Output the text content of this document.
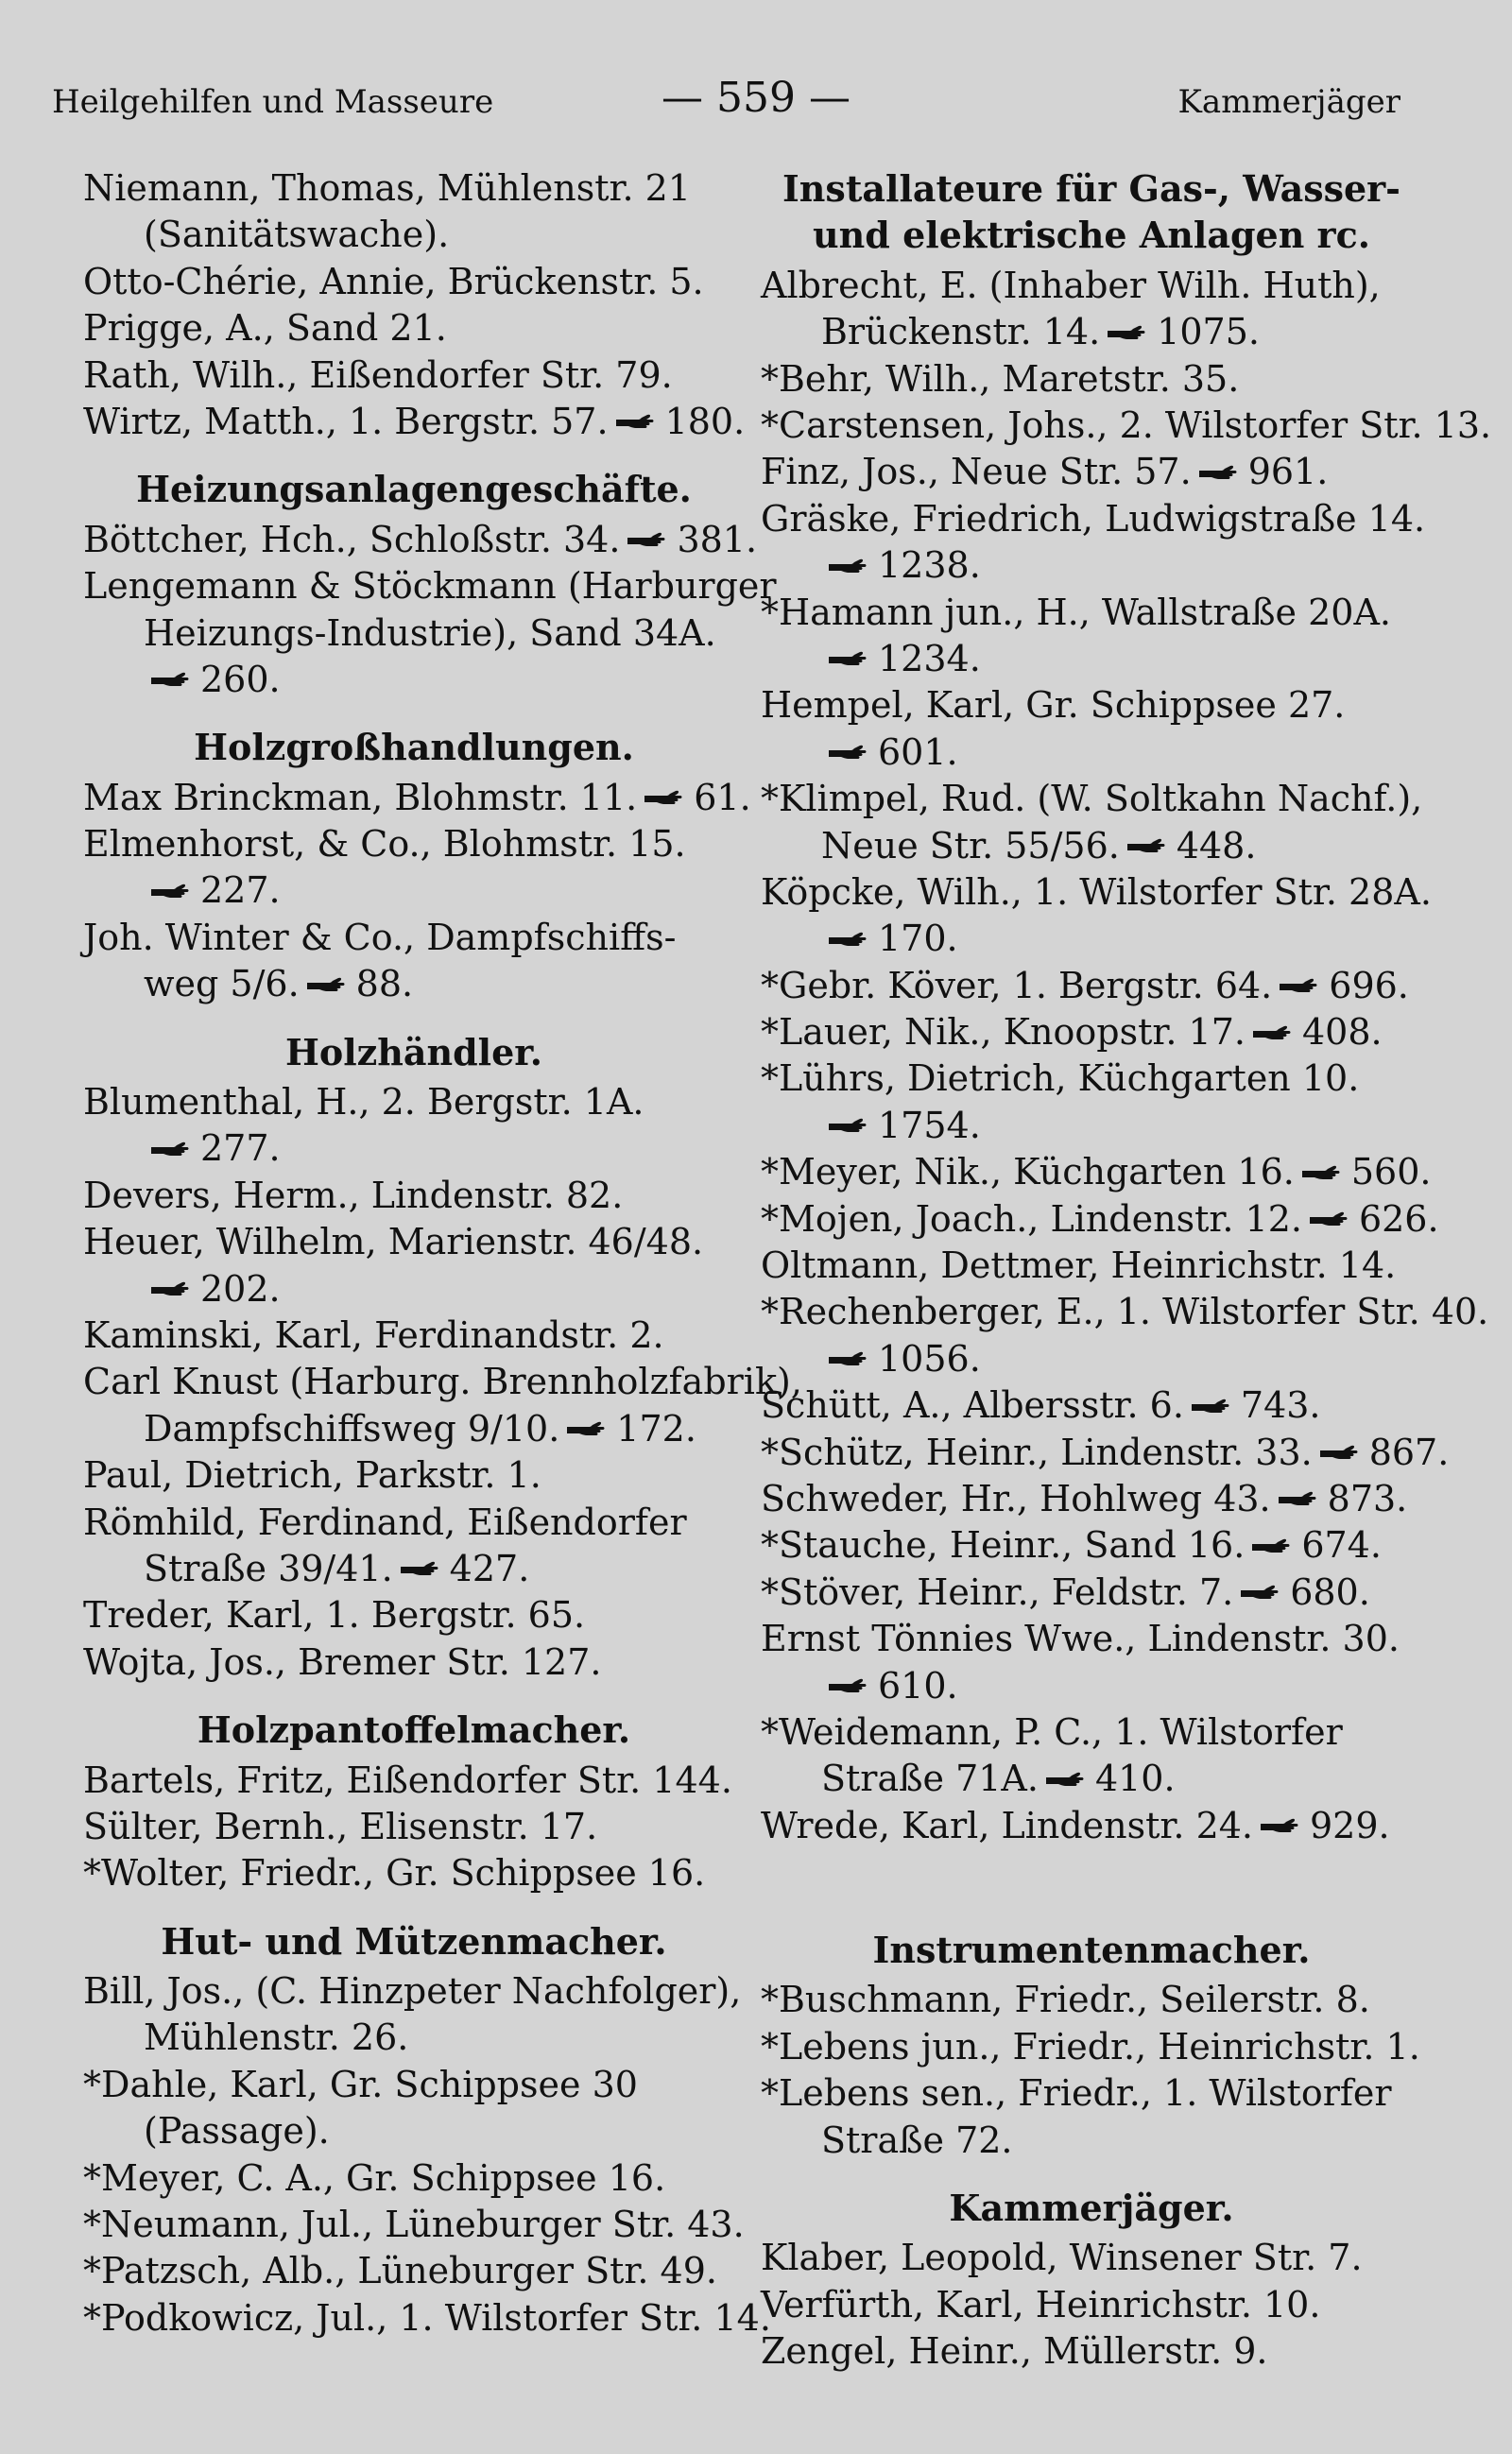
Heilgehilfen und Masseure	— 559 —	Kammerjäger
Niemann, Thomas, Mühlenstr. 21
(Sanitätswache).
Otto-Chérie, Annie, Brückenstr. 5.
Prigge, A., Sand 21.
Rath, Wilh., Eißendorfer Str. 79.
Wirtz, Matth., 1. Bergstr. 57. 180.
Heizungsanlagengeschäfte.
Böttcher, Hch., Schloßstr. 34. 381.
Lengemann & Stöckmann (Harburger
Heizungs-Industrie), Sand 34A.
260.
Holzgroßhandlungen.
Max Brinckman, Blohmstr. 11. 61.
Elmenhorst, & Co., Blohmstr. 15.
227.
Joh. Winter & Co., Dampfschiffs-
weg 5/6. 88.
Holzhändler.
Blumenthal, H., 2. Bergstr. 1A.
277.
Devers, Herm., Lindenstr. 82.
Heuer, Wilhelm, Marienstr. 46/48.
202.
Kaminski, Karl, Ferdinandstr. 2.
Carl Knust (Harburg. Brennholzfabrik),
Dampfschiffsweg 9/10. 172.
Paul, Dietrich, Parkstr. 1.
Römhild, Ferdinand, Eißendorfer
Straße 39/41. 427.
Treder, Karl, 1. Bergstr. 65.
Wojta, Jos., Bremer Str. 127.
Holzpantoffelmacher.
Bartels, Fritz, Eißendorfer Str. 144.
Sülter, Bernh., Elisenstr. 17.
*Wolter, Friedr., Gr. Schippsee 16.
Hut- und Mützenmacher.
Bill, Jos., (C. Hinzpeter Nachfolger),
Mühlenstr. 26.
*Dahle, Karl, Gr. Schippsee 30
(Passage).
*Meyer, C. A., Gr. Schippsee 16.
*Neumann, Jul., Lüneburger Str. 43.
*Patzsch, Alb., Lüneburger Str. 49.
*Podkowicz, Jul., 1. Wilstorfer Str. 14.
Installateure für Gas-, Wasser- und elektrische Anlagen rc.
Albrecht, E. (Inhaber Wilh. Huth),
Brückenstr. 14. 1075.
*Behr, Wilh., Maretstr. 35.
*Carstensen, Johs., 2. Wilstorfer Str. 13.
Finz, Jos., Neue Str. 57. 961.
Gräske, Friedrich, Ludwigstraße 14.
1238.
*Hamann jun., H., Wallstraße 20A.
1234.
Hempel, Karl, Gr. Schippsee 27.
601.
*Klimpel, Rud. (W. Soltkahn Nachf.),
Neue Str. 55/56. 448.
Köpcke, Wilh., 1. Wilstorfer Str. 28A.
170.
*Gebr. Köver, 1. Bergstr. 64. 696.
*Lauer, Nik., Knoopstr. 17. 408.
*Lührs, Dietrich, Küchgarten 10.
1754.
*Meyer, Nik., Küchgarten 16. 560.
*Mojen, Joach., Lindenstr. 12. 626.
Oltmann, Dettmer, Heinrichstr. 14.
*Rechenberger, E., 1. Wilstorfer Str. 40.
1056.
Schütt, A., Albersstr. 6. 743.
*Schütz, Heinr., Lindenstr. 33. 867.
Schweder, Hr., Hohlweg 43. 873.
*Stauche, Heinr., Sand 16. 674.
*Stöver, Heinr., Feldstr. 7. 680.
Ernst Tönnies Wwe., Lindenstr. 30.
610.
*Weidemann, P. C., 1. Wilstorfer
Straße 71A. 410.
Wrede, Karl, Lindenstr. 24. 929.
Instrumentenmacher.
*Buschmann, Friedr., Seilerstr. 8.
*Lebens jun., Friedr., Heinrichstr. 1.
*Lebens sen., Friedr., 1. Wilstorfer
Straße 72.
Kammerjäger.
Klaber, Leopold, Winsener Str. 7.
Verfürth, Karl, Heinrichstr. 10.
Zengel, Heinr., Müllerstr. 9.
